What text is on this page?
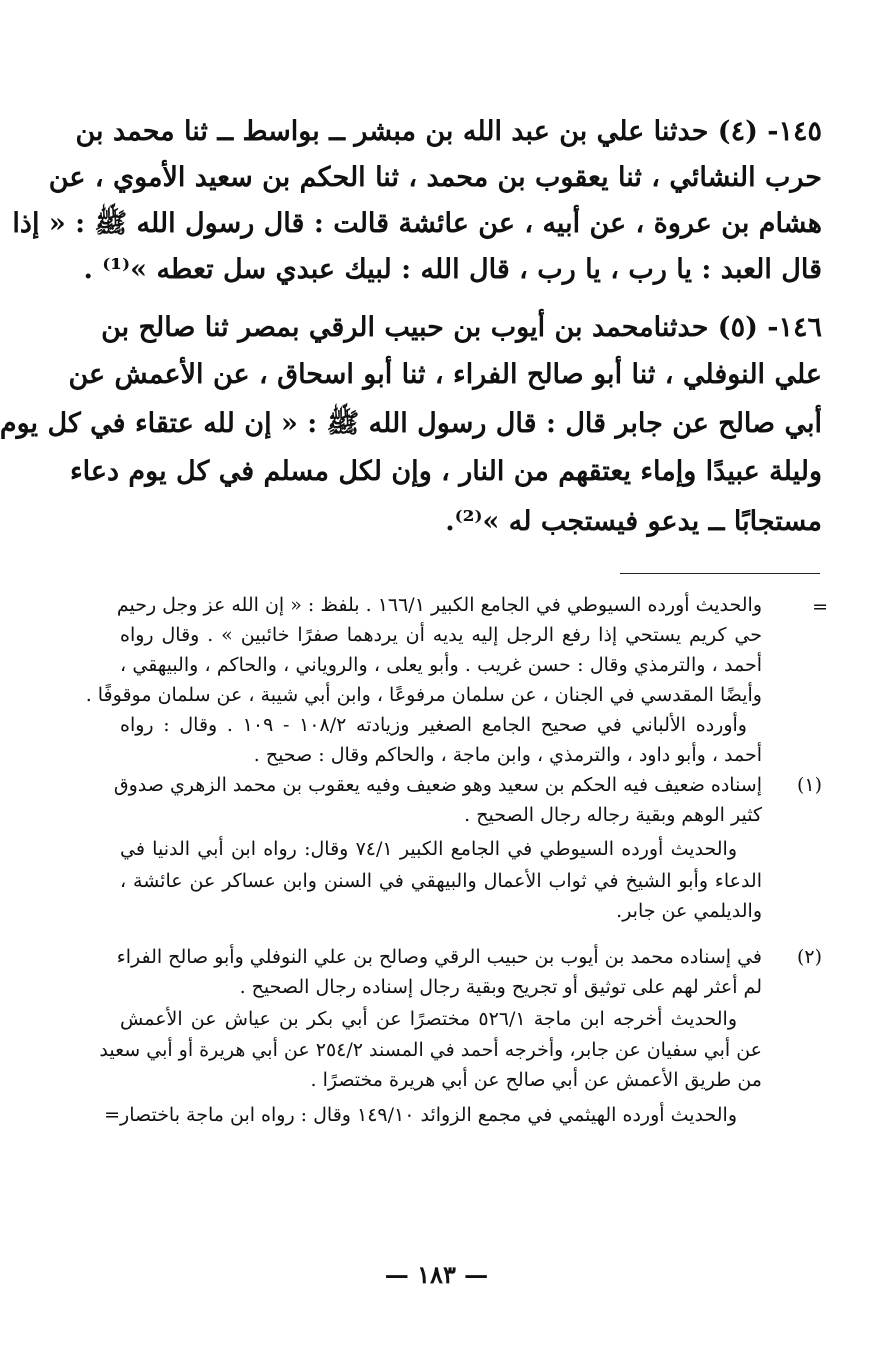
١٤٥- (٤) حدثنا علي بن عبد الله بن مبشر ــ بواسط ــ ثنا محمد بن
حرب النشائي ، ثنا يعقوب بن محمد ، ثنا الحكم بن سعيد الأموي ، عن
هشام بن عروة ، عن أبيه ، عن عائشة قالت : قال رسول الله ﷺ : « إذا
قال العبد : يا رب ، يا رب ، قال الله : لبيك عبدي سل تعطه »⁽¹⁾ .
١٤٦- (٥) حدثنامحمد بن أيوب بن حبيب الرقي بمصر ثنا صالح بن
علي النوفلي ، ثنا أبو صالح الفراء ، ثنا أبو اسحاق ، عن الأعمش عن
أبي صالح عن جابر قال : قال رسول الله ﷺ : « إن لله عتقاء في كل يوم
وليلة عبيدًا وإماء يعتقهم من النار ، وإن لكل مسلم في كل يوم دعاء
مستجابًا ــ يدعو فيستجب له »⁽²⁾.
=
والحديث أورده السيوطي في الجامع الكبير ١٦٦/١ . بلفظ : « إن الله عز وجل رحيم
حي كريم يستحي إذا رفع الرجل إليه يديه أن يردهما صفرًا خائبين » . وقال رواه
أحمد ، والترمذي وقال : حسن غريب . وأبو يعلى ، والروياني ، والحاكم ، والبيهقي ،
وأيضًا المقدسي في الجنان ، عن سلمان مرفوعًا ، وابن أبي شيبة ، عن سلمان موقوفًا .
وأورده الألباني في صحيح الجامع الصغير وزيادته ١٠٨/٢ - ١٠٩ . وقال : رواه
أحمد ، وأبو داود ، والترمذي ، وابن ماجة ، والحاكم وقال : صحيح .
(١)
إسناده ضعيف فيه الحكم بن سعيد وهو ضعيف وفيه يعقوب بن محمد الزهري صدوق
كثير الوهم وبقية رجاله رجال الصحيح .
والحديث أورده السيوطي في الجامع الكبير ٧٤/١ وقال: رواه ابن أبي الدنيا في
الدعاء وأبو الشيخ في ثواب الأعمال والبيهقي في السنن وابن عساكر عن عائشة ،
والديلمي عن جابر.
(٢)
في إسناده محمد بن أيوب بن حبيب الرقي وصالح بن علي النوفلي وأبو صالح الفراء
لم أعثر لهم على توثيق أو تجريح وبقية رجال إسناده رجال الصحيح .
والحديث أخرجه ابن ماجة ٥٢٦/١ مختصرًا عن أبي بكر بن عياش عن الأعمش
عن أبي سفيان عن جابر، وأخرجه أحمد في المسند ٢٥٤/٢ عن أبي هريرة أو أبي سعيد
من طريق الأعمش عن أبي صالح عن أبي هريرة مختصرًا .
والحديث أورده الهيثمي في مجمع الزوائد ١٤٩/١٠ وقال : رواه ابن ماجة باختصار=
— ١٨٣ —
